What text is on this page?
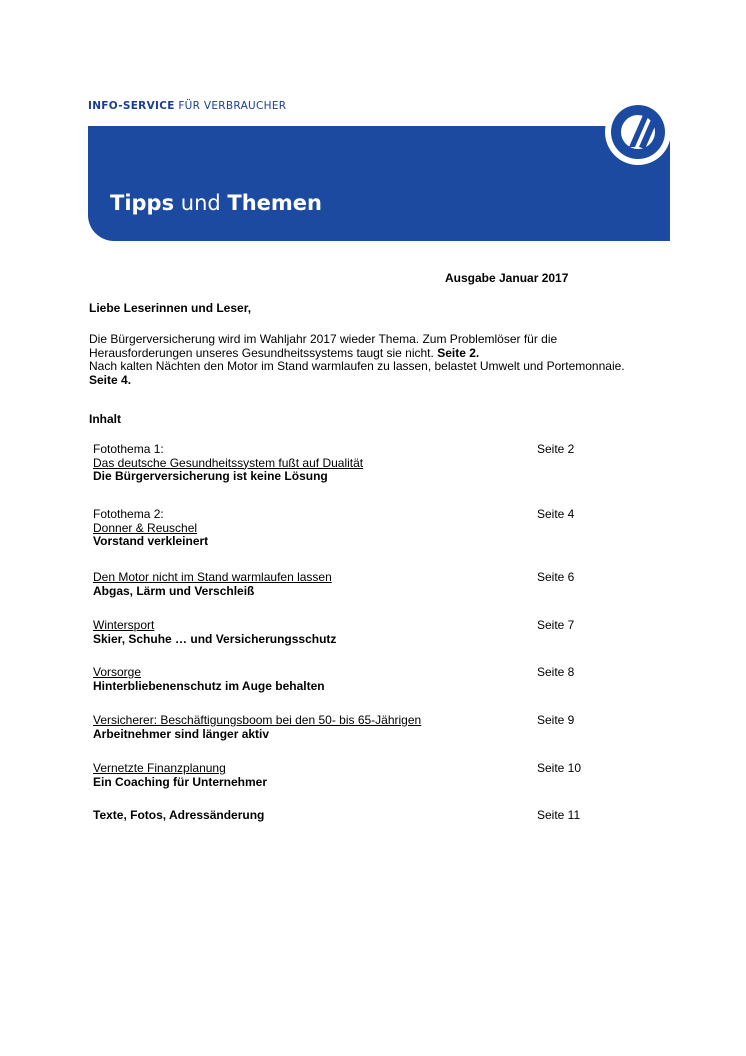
INFO-SERVICE FÜR VERBRAUCHER
Tipps und Themen
Ausgabe Januar 2017
Liebe Leserinnen und Leser,
Die Bürgerversicherung wird im Wahljahr 2017 wieder Thema. Zum Problemlöser für die Herausforderungen unseres Gesundheitssystems taugt sie nicht. Seite 2.
Nach kalten Nächten den Motor im Stand warmlaufen zu lassen, belastet Umwelt und Portemonnaie. Seite 4.
Inhalt
Fotothema 1:
Das deutsche Gesundheitssystem fußt auf Dualität
Die Bürgerversicherung ist keine Lösung
Seite 2
Fotothema 2:
Donner & Reuschel
Vorstand verkleinert
Seite 4
Den Motor nicht im Stand warmlaufen lassen
Abgas, Lärm und Verschleiß
Seite 6
Wintersport
Skier, Schuhe … und Versicherungsschutz
Seite 7
Vorsorge
Hinterbliebenenschutz im Auge behalten
Seite 8
Versicherer: Beschäftigungsboom bei den 50- bis 65-Jährigen
Arbeitnehmer sind länger aktiv
Seite 9
Vernetzte Finanzplanung
Ein Coaching für Unternehmer
Seite 10
Texte, Fotos, Adressänderung	Seite 11
